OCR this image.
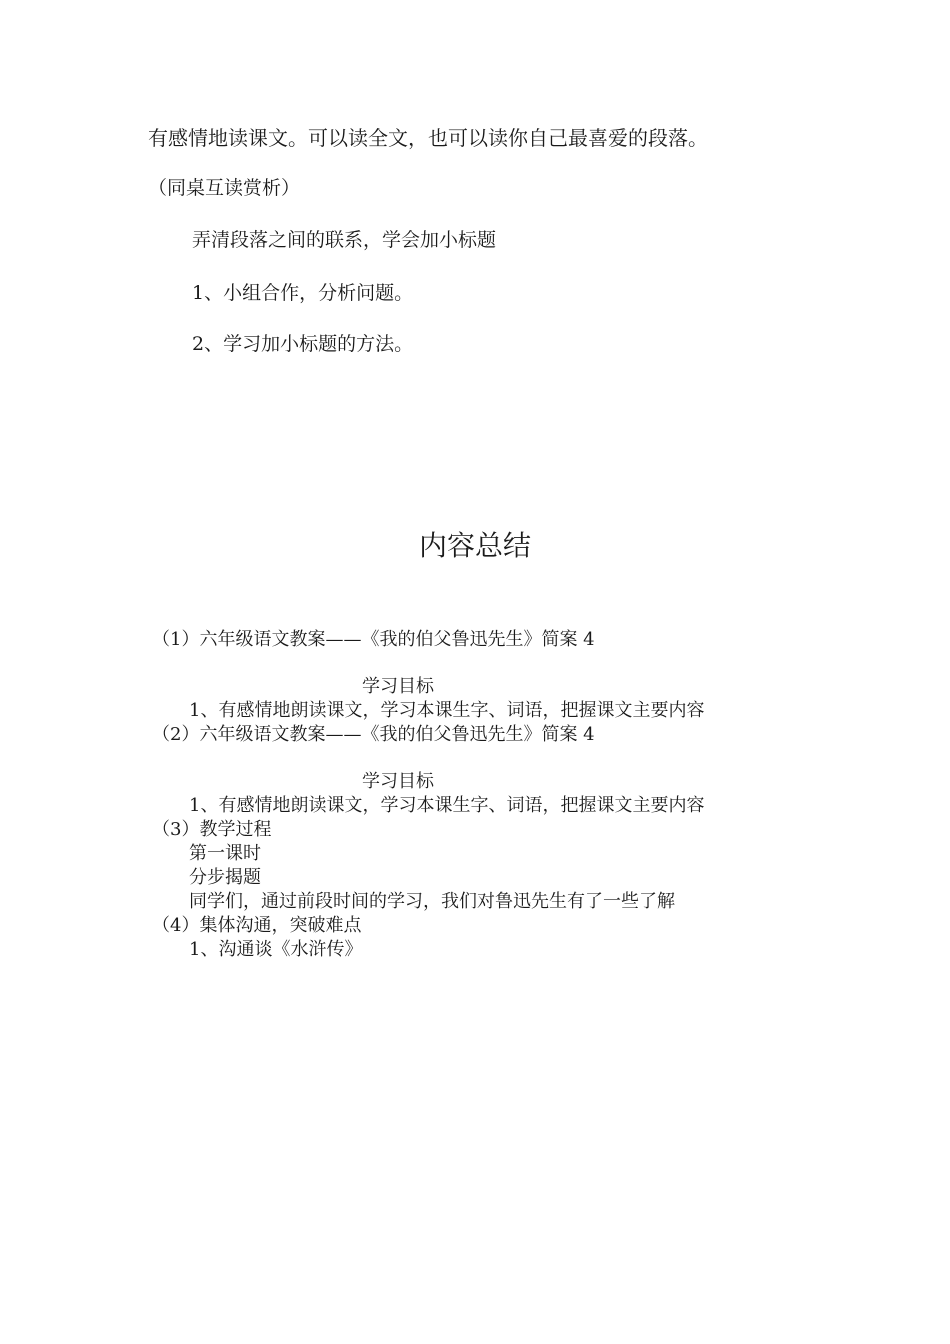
有感情地读课文。可以读全文，也可以读你自己最喜爱的段落。
（同桌互读赏析）
弄清段落之间的联系，学会加小标题
1、小组合作，分析问题。
2、学习加小标题的方法。
内容总结
（1）六年级语文教案——《我的伯父鲁迅先生》简案 4
学习目标
1、有感情地朗读课文，学习本课生字、词语，把握课文主要内容
（2）六年级语文教案——《我的伯父鲁迅先生》简案 4
学习目标
1、有感情地朗读课文，学习本课生字、词语，把握课文主要内容
（3）教学过程
第一课时
分步揭题
同学们，通过前段时间的学习，我们对鲁迅先生有了一些了解
（4）集体沟通，突破难点
1、沟通谈《水浒传》
